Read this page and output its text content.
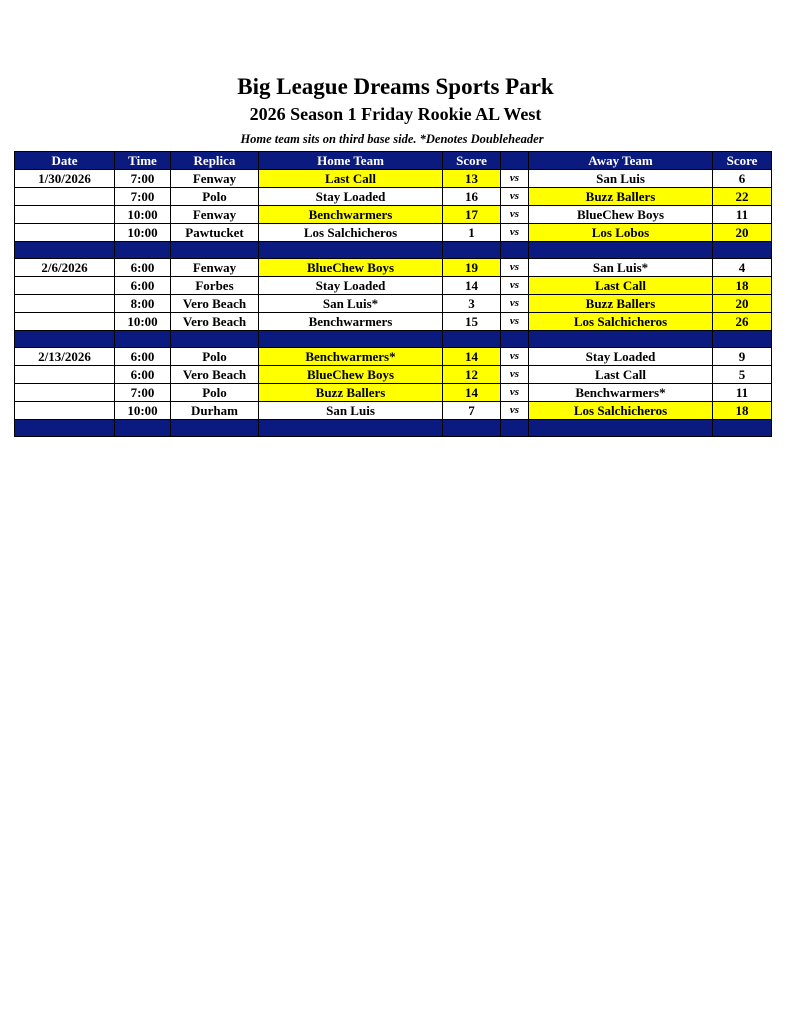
Big League Dreams Sports Park
2026 Season 1 Friday Rookie AL West
Home team sits on third base side. *Denotes Doubleheader
Date	Time	Replica	Home Team	Score		Away Team	Score
1/30/2026	7:00	Fenway	Last Call	13	vs	San Luis	6
	7:00	Polo	Stay Loaded	16	vs	Buzz Ballers	22
	10:00	Fenway	Benchwarmers	17	vs	BlueChew Boys	11
	10:00	Pawtucket	Los Salchicheros	1	vs	Los Lobos	20

2/6/2026	6:00	Fenway	BlueChew Boys	19	vs	San Luis*	4
	6:00	Forbes	Stay Loaded	14	vs	Last Call	18
	8:00	Vero Beach	San Luis*	3	vs	Buzz Ballers	20
	10:00	Vero Beach	Benchwarmers	15	vs	Los Salchicheros	26

2/13/2026	6:00	Polo	Benchwarmers*	14	vs	Stay Loaded	9
	6:00	Vero Beach	BlueChew Boys	12	vs	Last Call	5
	7:00	Polo	Buzz Ballers	14	vs	Benchwarmers*	11
	10:00	Durham	San Luis	7	vs	Los Salchicheros	18
